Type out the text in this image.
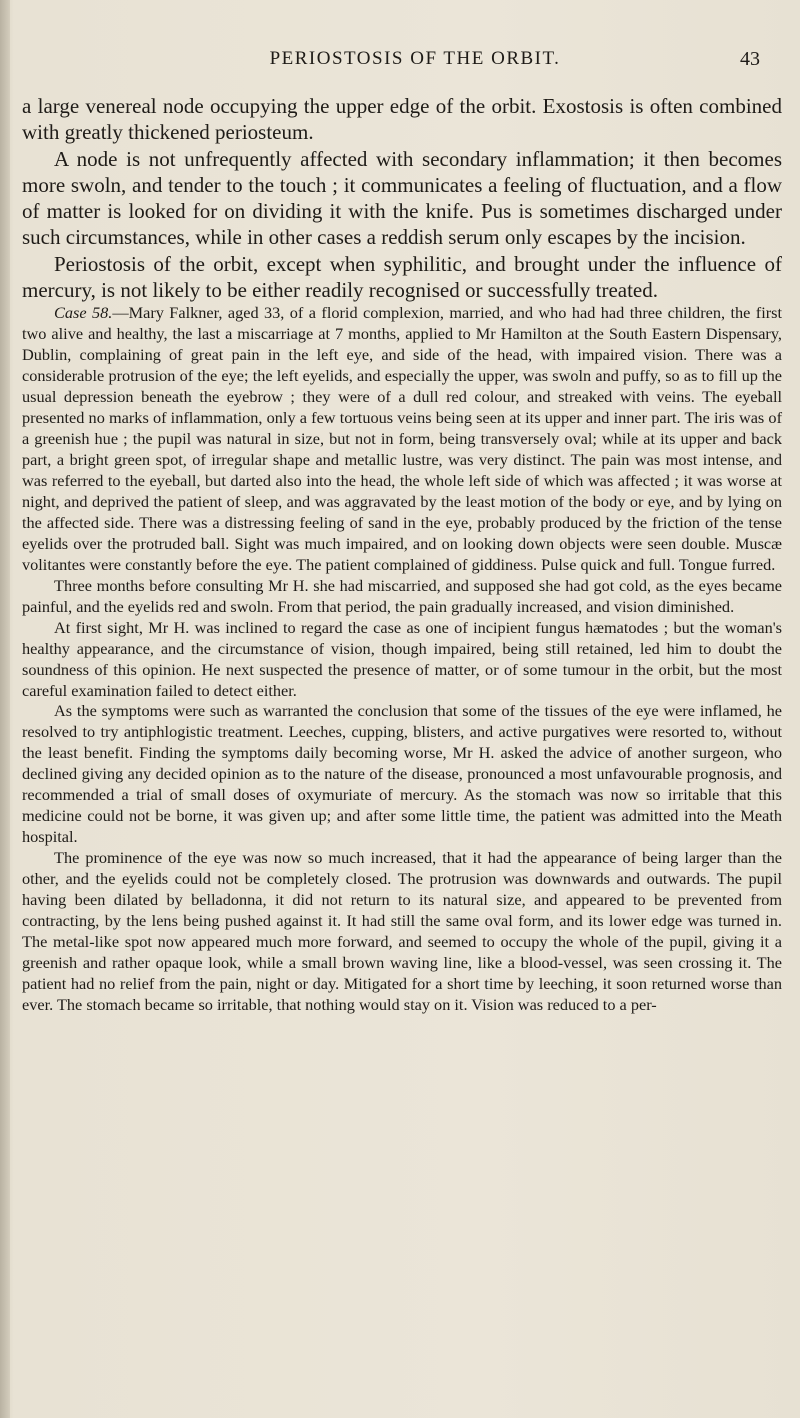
PERIOSTOSIS OF THE ORBIT.	43

a large venereal node occupying the upper edge of the orbit. Exostosis is often combined with greatly thickened periosteum.

A node is not unfrequently affected with secondary inflammation; it then becomes more swoln, and tender to the touch ; it communicates a feeling of fluctuation, and a flow of matter is looked for on dividing it with the knife. Pus is sometimes discharged under such circumstances, while in other cases a reddish serum only escapes by the incision.

Periostosis of the orbit, except when syphilitic, and brought under the influence of mercury, is not likely to be either readily recognised or successfully treated.

Case 58.—Mary Falkner, aged 33, of a florid complexion, married, and who had had three children, the first two alive and healthy, the last a miscarriage at 7 months, applied to Mr Hamilton at the South Eastern Dispensary, Dublin, complaining of great pain in the left eye, and side of the head, with impaired vision. There was a considerable protrusion of the eye; the left eyelids, and especially the upper, was swoln and puffy, so as to fill up the usual depression beneath the eyebrow ; they were of a dull red colour, and streaked with veins. The eyeball presented no marks of inflammation, only a few tortuous veins being seen at its upper and inner part. The iris was of a greenish hue ; the pupil was natural in size, but not in form, being transversely oval; while at its upper and back part, a bright green spot, of irregular shape and metallic lustre, was very distinct. The pain was most intense, and was referred to the eyeball, but darted also into the head, the whole left side of which was affected ; it was worse at night, and deprived the patient of sleep, and was aggravated by the least motion of the body or eye, and by lying on the affected side. There was a distressing feeling of sand in the eye, probably produced by the friction of the tense eyelids over the protruded ball. Sight was much impaired, and on looking down objects were seen double. Muscæ volitantes were constantly before the eye. The patient complained of giddiness. Pulse quick and full. Tongue furred.

Three months before consulting Mr H. she had miscarried, and supposed she had got cold, as the eyes became painful, and the eyelids red and swoln. From that period, the pain gradually increased, and vision diminished.

At first sight, Mr H. was inclined to regard the case as one of incipient fungus hæmatodes ; but the woman's healthy appearance, and the circumstance of vision, though impaired, being still retained, led him to doubt the soundness of this opinion. He next suspected the presence of matter, or of some tumour in the orbit, but the most careful examination failed to detect either.

As the symptoms were such as warranted the conclusion that some of the tissues of the eye were inflamed, he resolved to try antiphlogistic treatment. Leeches, cupping, blisters, and active purgatives were resorted to, without the least benefit. Finding the symptoms daily becoming worse, Mr H. asked the advice of another surgeon, who declined giving any decided opinion as to the nature of the disease, pronounced a most unfavourable prognosis, and recommended a trial of small doses of oxymuriate of mercury. As the stomach was now so irritable that this medicine could not be borne, it was given up; and after some little time, the patient was admitted into the Meath hospital.

The prominence of the eye was now so much increased, that it had the appearance of being larger than the other, and the eyelids could not be completely closed. The protrusion was downwards and outwards. The pupil having been dilated by belladonna, it did not return to its natural size, and appeared to be prevented from contracting, by the lens being pushed against it. It had still the same oval form, and its lower edge was turned in. The metal-like spot now appeared much more forward, and seemed to occupy the whole of the pupil, giving it a greenish and rather opaque look, while a small brown waving line, like a blood-vessel, was seen crossing it. The patient had no relief from the pain, night or day. Mitigated for a short time by leeching, it soon returned worse than ever. The stomach became so irritable, that nothing would stay on it. Vision was reduced to a per-
